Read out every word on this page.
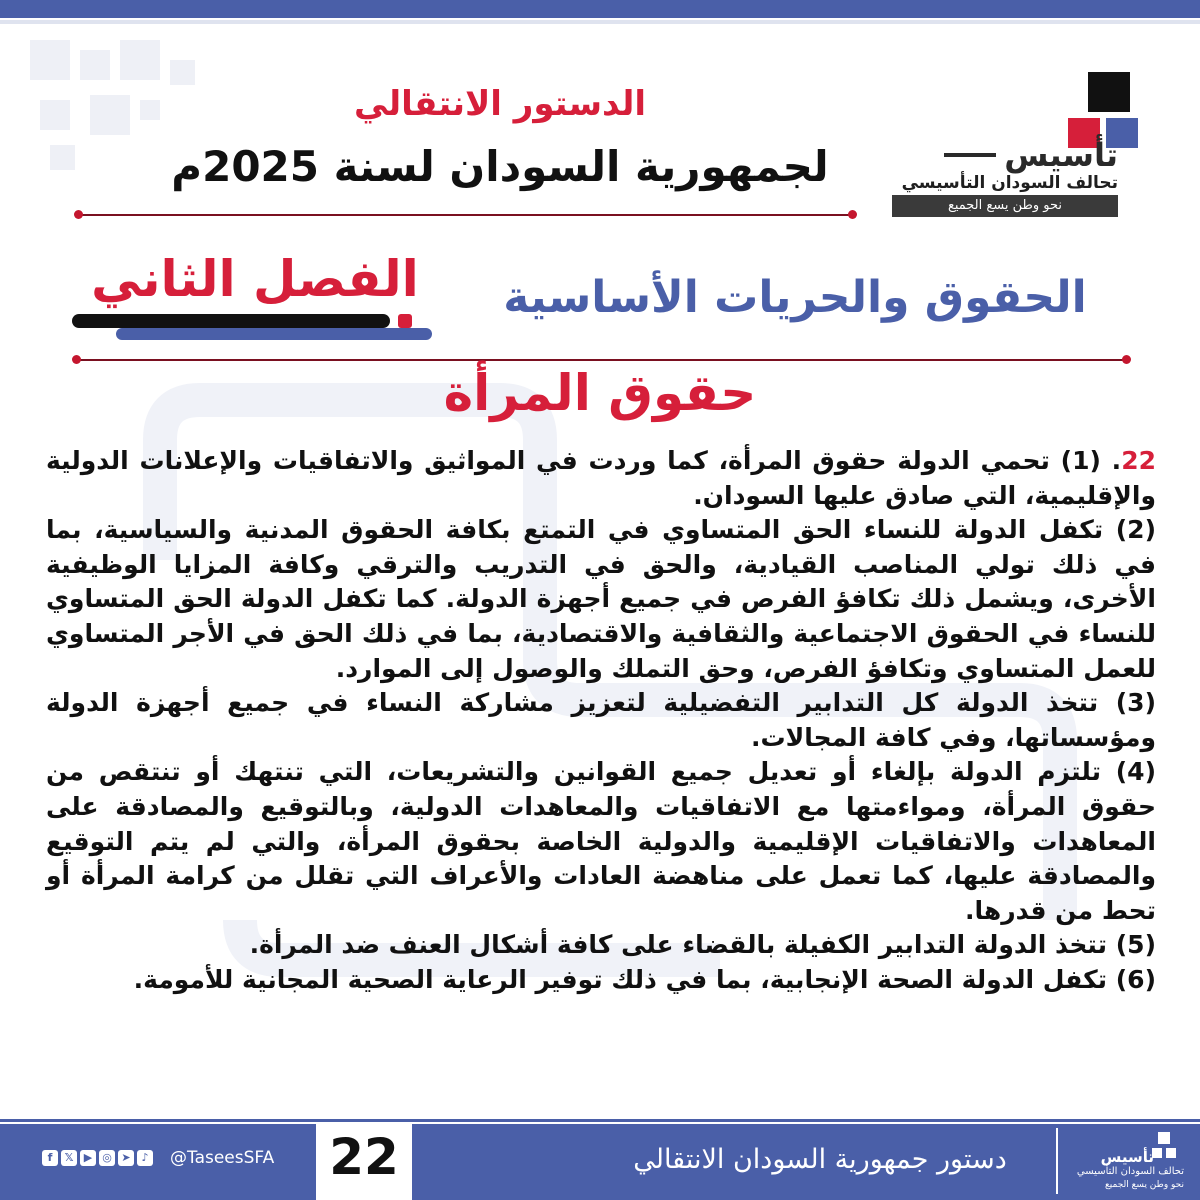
تأسيس
تحالف السودان التأسيسي
نحو وطن يسع الجميع
الدستور الانتقالي
لجمهورية السودان لسنة 2025م
الفصل الثاني	الحقوق والحريات الأساسية
حقوق المرأة

22. (1) تحمي الدولة حقوق المرأة، كما وردت في المواثيق والاتفاقيات والإعلانات الدولية والإقليمية، التي صادق عليها السودان.

(2) تكفل الدولة للنساء الحق المتساوي في التمتع بكافة الحقوق المدنية والسياسية، بما في ذلك تولي المناصب القيادية، والحق في التدريب والترقي وكافة المزايا الوظيفية الأخرى، ويشمل ذلك تكافؤ الفرص في جميع أجهزة الدولة. كما تكفل الدولة الحق المتساوي للنساء في الحقوق الاجتماعية والثقافية والاقتصادية، بما في ذلك الحق في الأجر المتساوي للعمل المتساوي وتكافؤ الفرص، وحق التملك والوصول إلى الموارد.

(3) تتخذ الدولة كل التدابير التفضيلية لتعزيز مشاركة النساء في جميع أجهزة الدولة ومؤسساتها، وفي كافة المجالات.

(4) تلتزم الدولة بإلغاء أو تعديل جميع القوانين والتشريعات، التي تنتهك أو تنتقص من حقوق المرأة، ومواءمتها مع الاتفاقيات والمعاهدات الدولية، وبالتوقيع والمصادقة على المعاهدات والاتفاقيات الإقليمية والدولية الخاصة بحقوق المرأة، والتي لم يتم التوقيع والمصادقة عليها، كما تعمل على مناهضة العادات والأعراف التي تقلل من كرامة المرأة أو تحط من قدرها.

(5) تتخذ الدولة التدابير الكفيلة بالقضاء على كافة أشكال العنف ضد المرأة.

(6) تكفل الدولة الصحة الإنجابية، بما في ذلك توفير الرعاية الصحية المجانية للأمومة.

f	𝕏 ▶ ◎ ➤ ♪ @TaseesSFA 22	دستور جمهورية السودان الانتقالي	تأسيس
تحالف السودان التأسيسي
نحو وطن يسع الجميع
